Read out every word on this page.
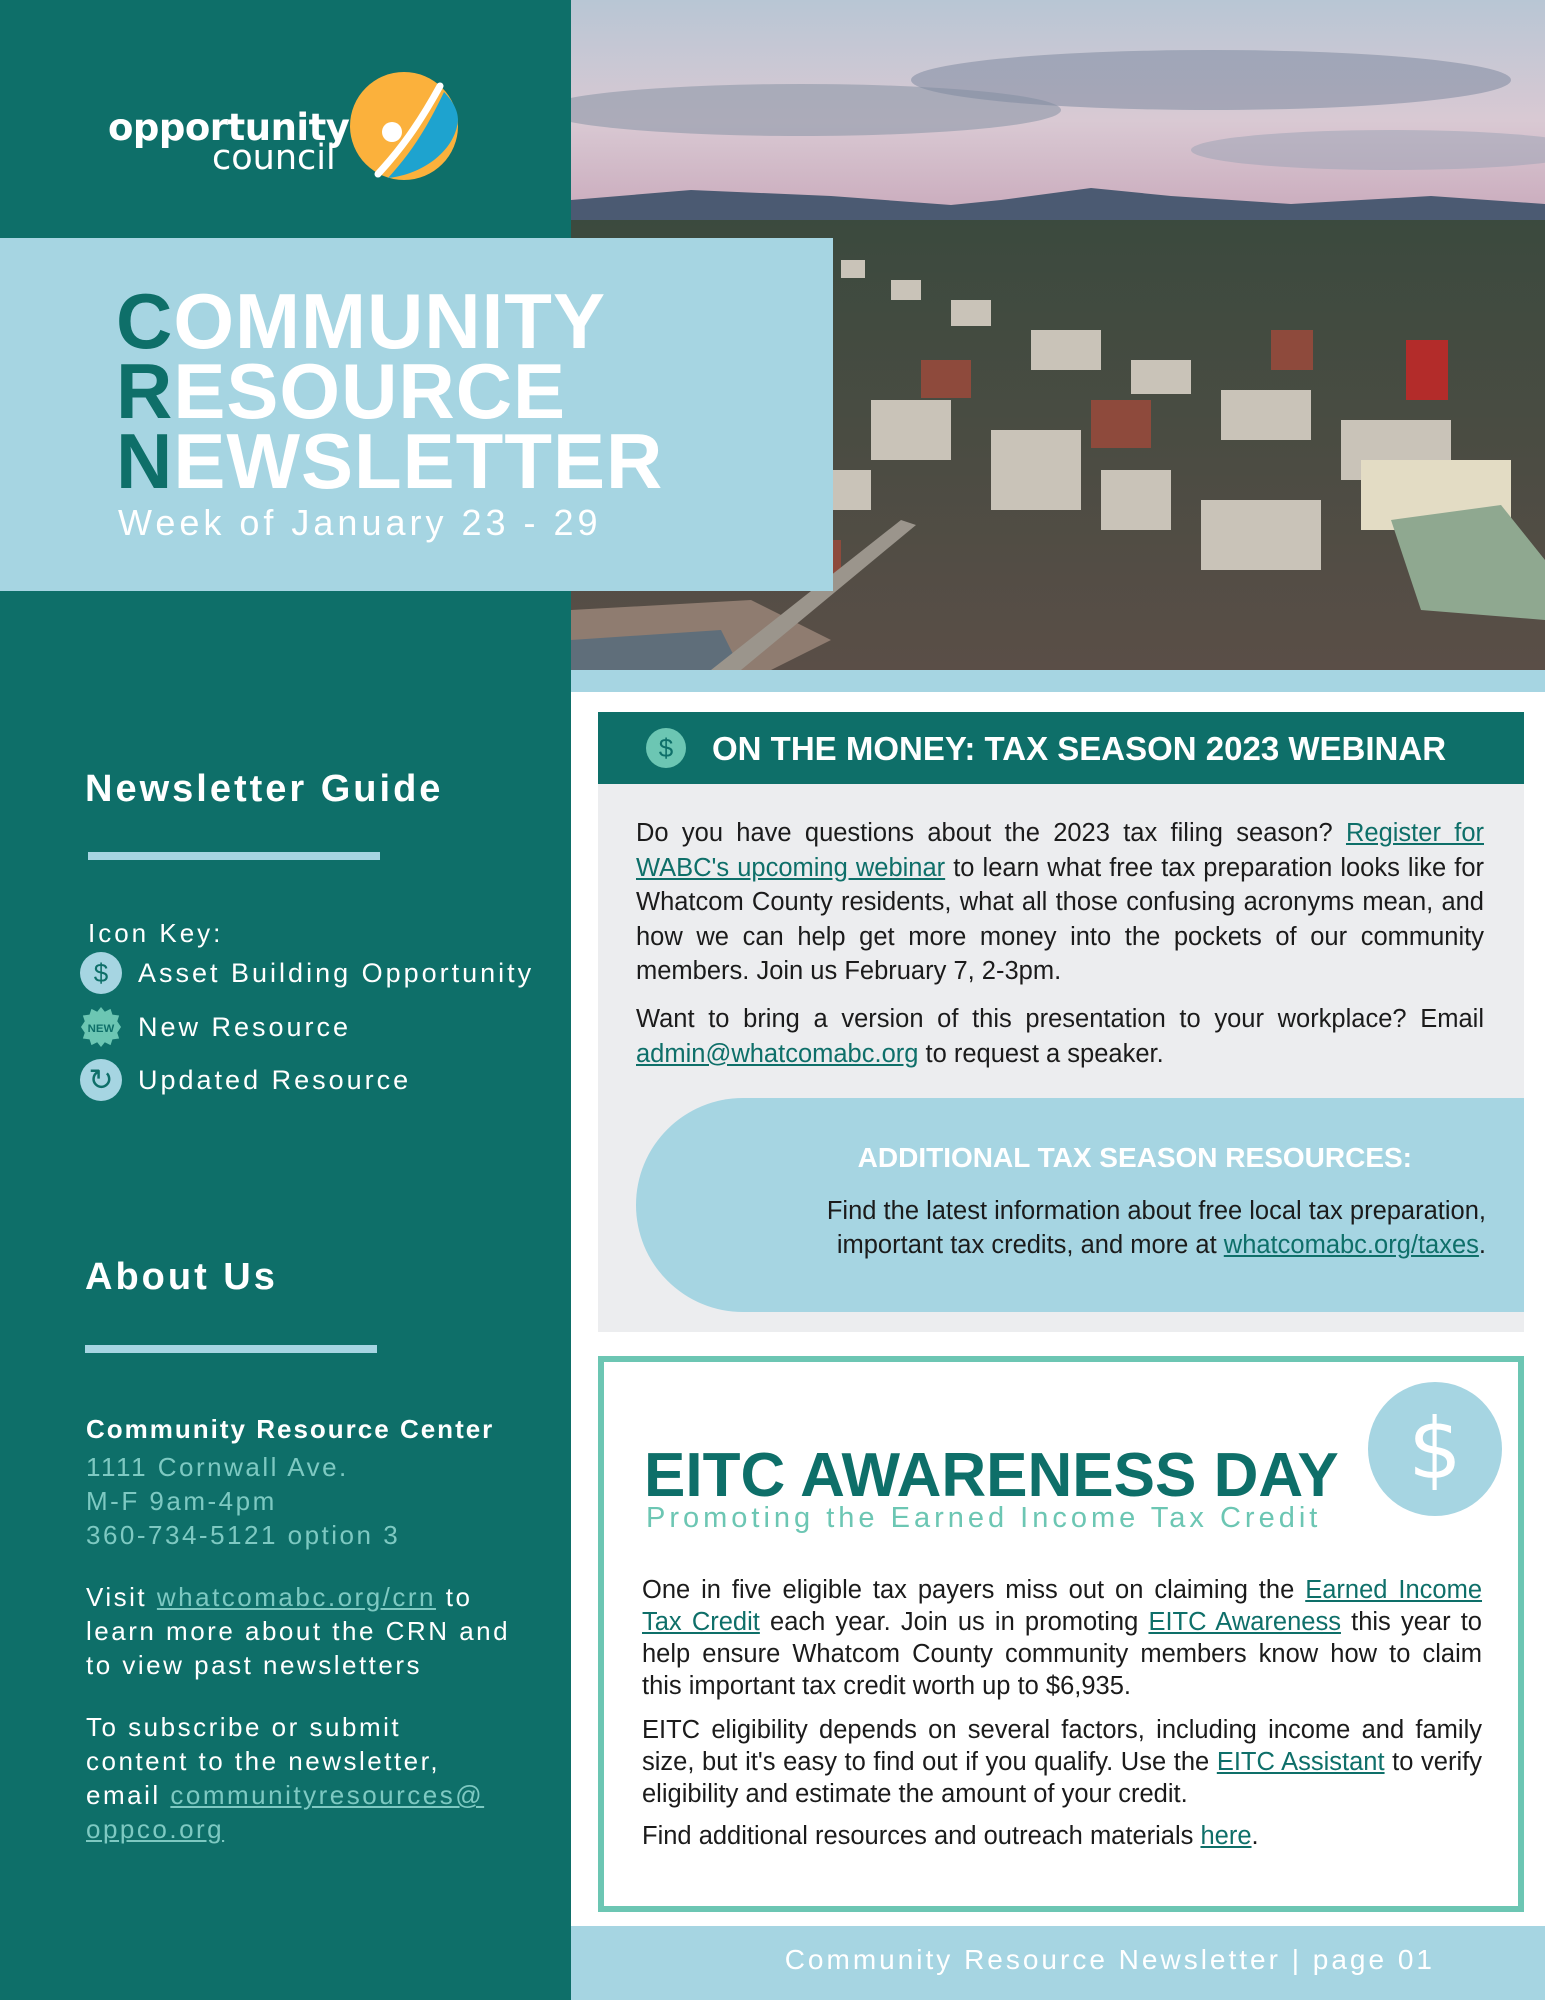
opportunity
council
COMMUNITY
RESOURCE
NEWSLETTER
Week of January 23 - 29
Newsletter Guide
Icon Key:
$	Asset Building Opportunity
NEW New Resource
↻ Updated Resource
About Us
Community Resource Center
1111 Cornwall Ave.
M-F 9am-4pm
360-734-5121 option 3
Visit whatcomabc.org/crn to learn more about the CRN and to view past newsletters
To subscribe or submit content to the newsletter, email communityresources@ oppco.org
$	ON THE MONEY: TAX SEASON 2023 WEBINAR
Do you have questions about the 2023 tax filing season? Register for WABC's upcoming webinar to learn what free tax preparation looks like for Whatcom County residents, what all those confusing acronyms mean, and how we can help get more money into the pockets of our community members. Join us February 7, 2-3pm.
Want to bring a version of this presentation to your workplace? Email admin@whatcomabc.org to request a speaker.
ADDITIONAL TAX SEASON RESOURCES:
Find the latest information about free local tax preparation, important tax credits, and more at whatcomabc.org/taxes.
$
EITC AWARENESS DAY
Promoting the Earned Income Tax Credit
One in five eligible tax payers miss out on claiming the Earned Income Tax Credit each year. Join us in promoting EITC Awareness this year to help ensure Whatcom County community members know how to claim this important tax credit worth up to $6,935.
EITC eligibility depends on several factors, including income and family size, but it's easy to find out if you qualify. Use the EITC Assistant to verify eligibility and estimate the amount of your credit.
Find additional resources and outreach materials here.
Community Resource Newsletter | page 01
